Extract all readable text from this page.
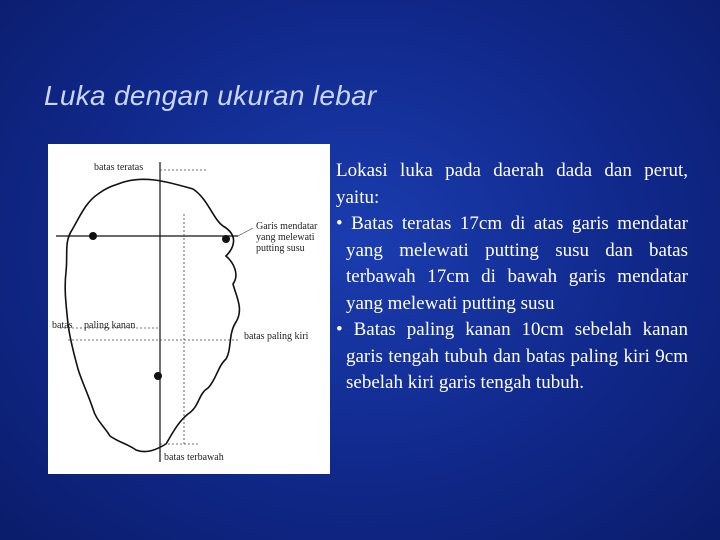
Luka dengan ukuran lebar
batas teratas
Garis mendatar yang melewati putting susu
batas paling kanan
batas paling kiri
batas terbawah

Lokasi luka pada daerah dada dan perut, yaitu:

• Batas teratas 17cm di atas garis mendatar yang melewati putting susu dan batas terbawah 17cm di bawah garis mendatar yang melewati putting susu

• Batas paling kanan 10cm sebelah kanan garis tengah tubuh dan batas paling kiri 9cm sebelah kiri garis tengah tubuh.
